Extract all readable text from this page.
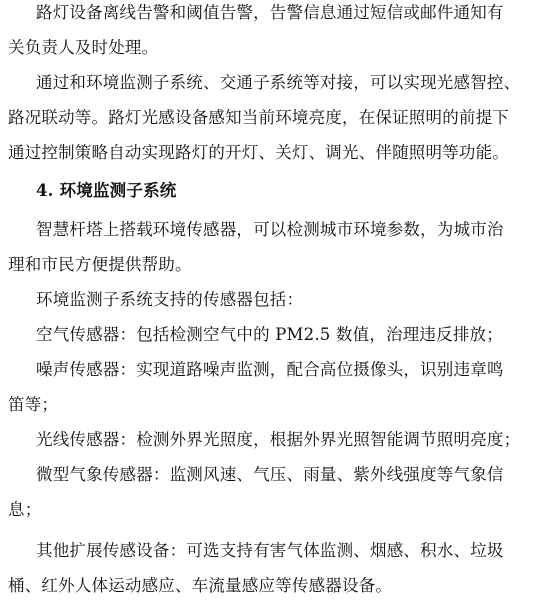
路灯设备离线告警和阈值告警，告警信息通过短信或邮件通知有
关负责人及时处理。
通过和环境监测子系统、交通子系统等对接，可以实现光感智控、
路况联动等。路灯光感设备感知当前环境亮度，在保证照明的前提下
通过控制策略自动实现路灯的开灯、关灯、调光、伴随照明等功能。
4. 环境监测子系统
智慧杆塔上搭载环境传感器，可以检测城市环境参数，为城市治
理和市民方便提供帮助。
环境监测子系统支持的传感器包括：
空气传感器：包括检测空气中的 PM2.5 数值，治理违反排放；
噪声传感器：实现道路噪声监测，配合高位摄像头，识别违章鸣
笛等；
光线传感器：检测外界光照度，根据外界光照智能调节照明亮度；
微型气象传感器：监测风速、气压、雨量、紫外线强度等气象信
息；
其他扩展传感设备：可选支持有害气体监测、烟感、积水、垃圾
桶、红外人体运动感应、车流量感应等传感器设备。
